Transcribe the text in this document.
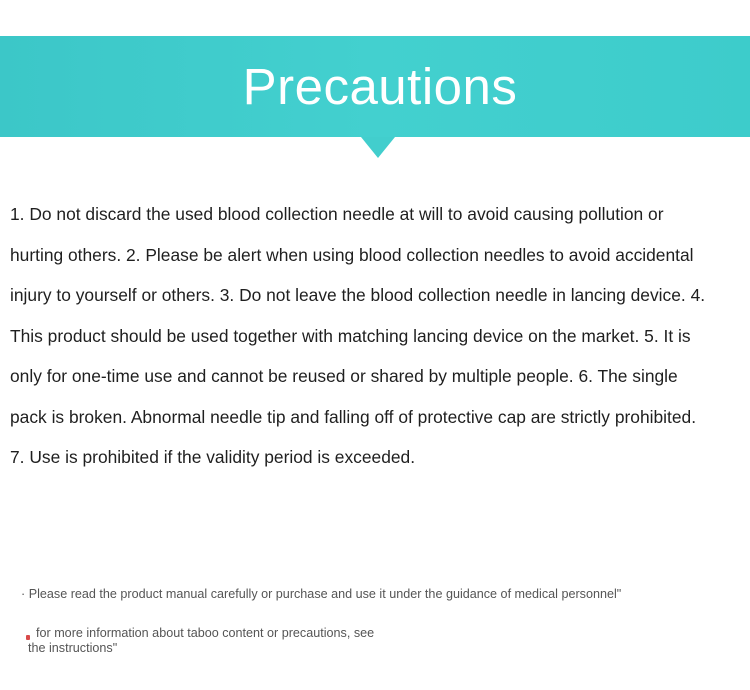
Precautions

1. Do not discard the used blood collection needle at will to avoid causing pollution or hurting others. 2. Please be alert when using blood collection needles to avoid accidental injury to yourself or others. 3. Do not leave the blood collection needle in lancing device. 4. This product should be used together with matching lancing device on the market. 5. It is only for one-time use and cannot be reused or shared by multiple people. 6. The single pack is broken. Abnormal needle tip and falling off of protective cap are strictly prohibited. 7. Use is prohibited if the validity period is exceeded.

· Please read the product manual carefully or purchase and use it under the guidance of medical personnel"

for more information about taboo content or precautions, see
the instructions"
